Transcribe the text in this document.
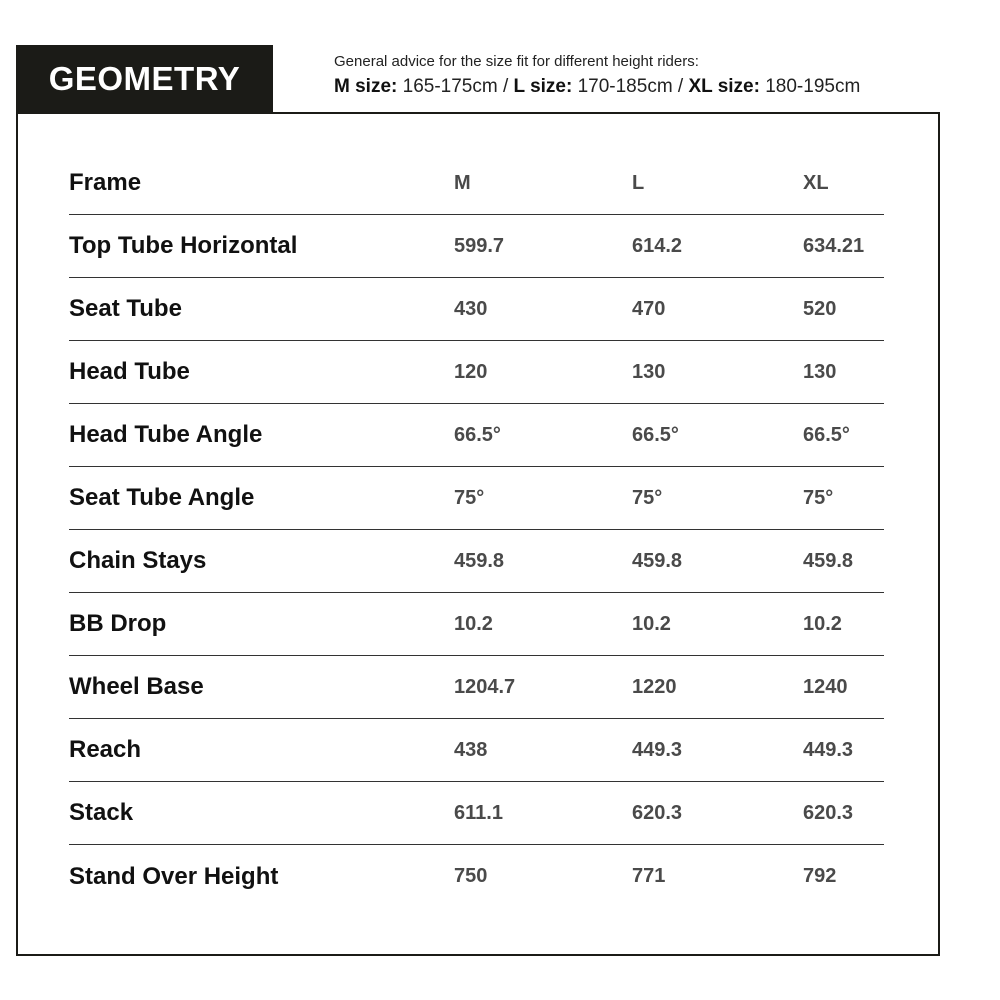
GEOMETRY	General advice for the size fit for different height riders:
M size: 165-175cm / L size: 170-185cm / XL size: 180-195cm
Frame	M	L	XL
Top Tube Horizontal	599.7	614.2	634.21
Seat Tube	430	470	520
Head Tube	120	130	130
Head Tube Angle	66.5°	66.5°	66.5°
Seat Tube Angle	75°	75°	75°
Chain Stays	459.8	459.8	459.8
BB Drop	10.2	10.2	10.2
Wheel Base	1204.7	1220	1240
Reach	438	449.3	449.3
Stack	611.1	620.3	620.3
Stand Over Height	750	771	792
